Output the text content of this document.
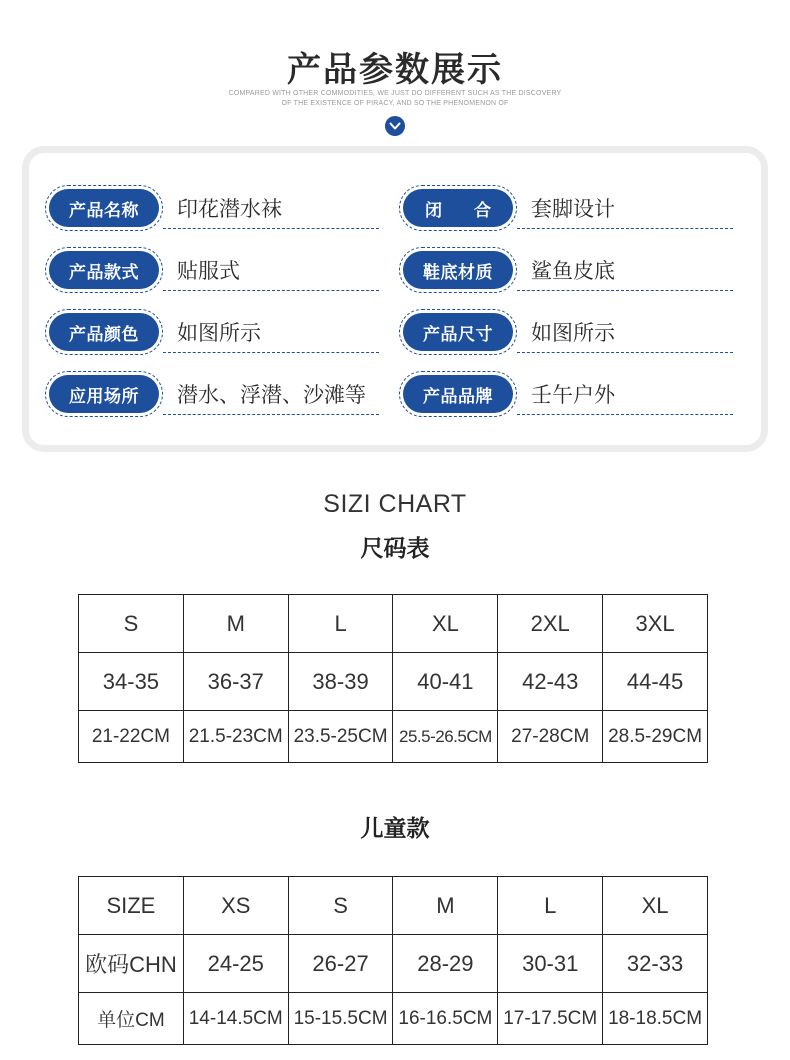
产品参数展示
COMPARED WITH OTHER COMMODITIES, WE JUST DO DIFFERENT SUCH AS THE DISCOVERY
OF THE EXISTENCE OF PIRACY, AND SO THE PHENOMENON OF
产品名称	印花潜水袜
产品款式	贴服式
产品颜色	如图所示
应用场所	潜水、浮潜、沙滩等
闭 合	套脚设计
鞋底材质	鲨鱼皮底
产品尺寸	如图所示
产品品牌	壬午户外
SIZI CHART
尺码表
S	M	L	XL	2XL	3XL
34-35	36-37	38-39	40-41	42-43	44-45
21-22CM	21.5-23CM	23.5-25CM	25.5-26.5CM	27-28CM	28.5-29CM
儿童款
SIZE	XS	S	M	L	XL
欧码CHN	24-25	26-27	28-29	30-31	32-33
单位CM	14-14.5CM	15-15.5CM	16-16.5CM	17-17.5CM	18-18.5CM
